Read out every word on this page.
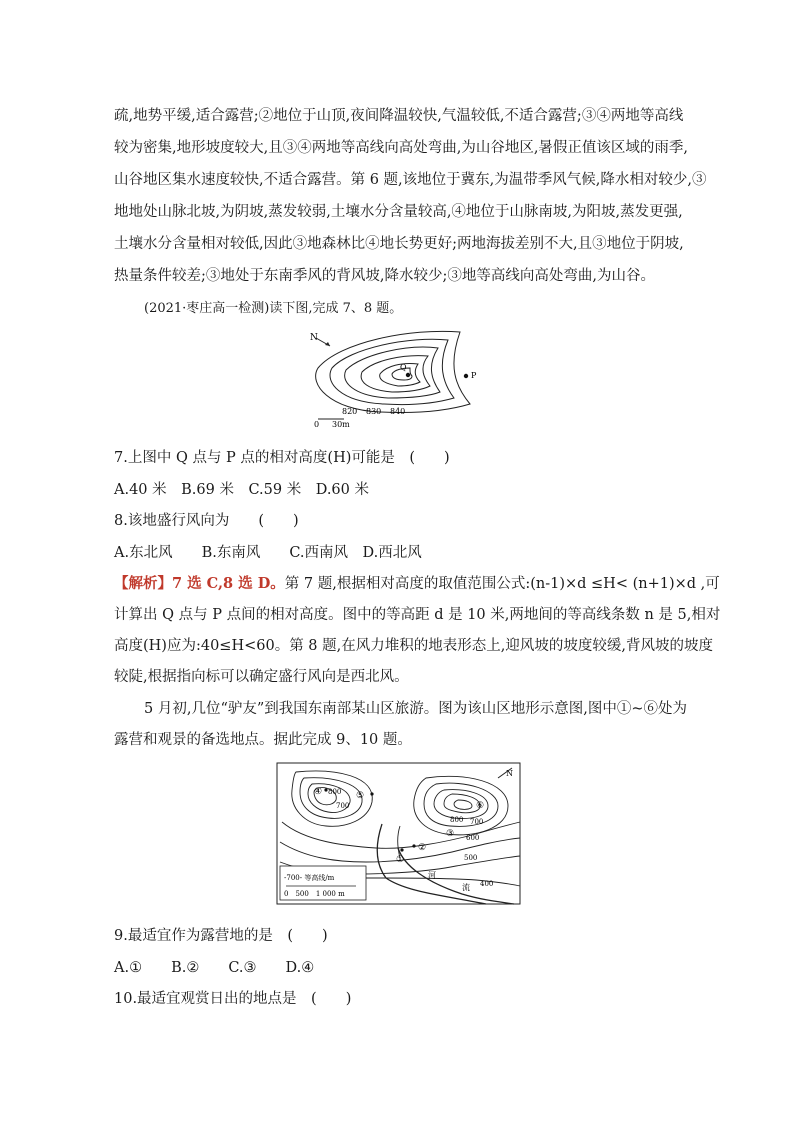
疏,地势平缓,适合露营;②地位于山顶,夜间降温较快,气温较低,不适合露营;③④两地等高线
较为密集,地形坡度较大,且③④两地等高线向高处弯曲,为山谷地区,暑假正值该区域的雨季,
山谷地区集水速度较快,不适合露营。第 6 题,该地位于冀东,为温带季风气候,降水相对较少,③
地地处山脉北坡,为阴坡,蒸发较弱,土壤水分含量较高,④地位于山脉南坡,为阳坡,蒸发更强,
土壤水分含量相对较低,因此③地森林比④地长势更好;两地海拔差别不大,且③地位于阴坡,
热量条件较差;③地处于东南季风的背风坡,降水较少;③地等高线向高处弯曲,为山谷。
(2021·枣庄高一检测)读下图,完成 7、8 题。
N
Q
P
820 830 840
0 30m
7.上图中 Q 点与 P 点的相对高度(H)可能是　(　　)
A.40 米　B.69 米　C.59 米　D.60 米
8.该地盛行风向为　　(　　)
A.东北风　　B.东南风　　C.西南风　D.西北风
【解析】7 选 C,8 选 D。第 7 题,根据相对高度的取值范围公式:(n-1)×d ≤H< (n+1)×d ,可
计算出 Q 点与 P 点间的相对高度。图中的等高距 d 是 10 米,两地间的等高线条数 n 是 5,相对
高度(H)应为:40≤H<60。第 8 题,在风力堆积的地表形态上,迎风坡的坡度较缓,背风坡的坡度
较陡,根据指向标可以确定盛行风向是西北风。
5 月初,几位“驴友”到我国东南部某山区旅游。图为该山区地形示意图,图中①~⑥处为
露营和观景的备选地点。据此完成 9、10 题。
N
800
700
800 700
600
500
400
①
②
③
④	⑤
⑥
河
流
-700- 等高线/m
0　500　1 000 m
9.最适宜作为露营地的是　(　　)
A.①　　B.②　　C.③　　D.④
10.最适宜观赏日出的地点是　(　　)
